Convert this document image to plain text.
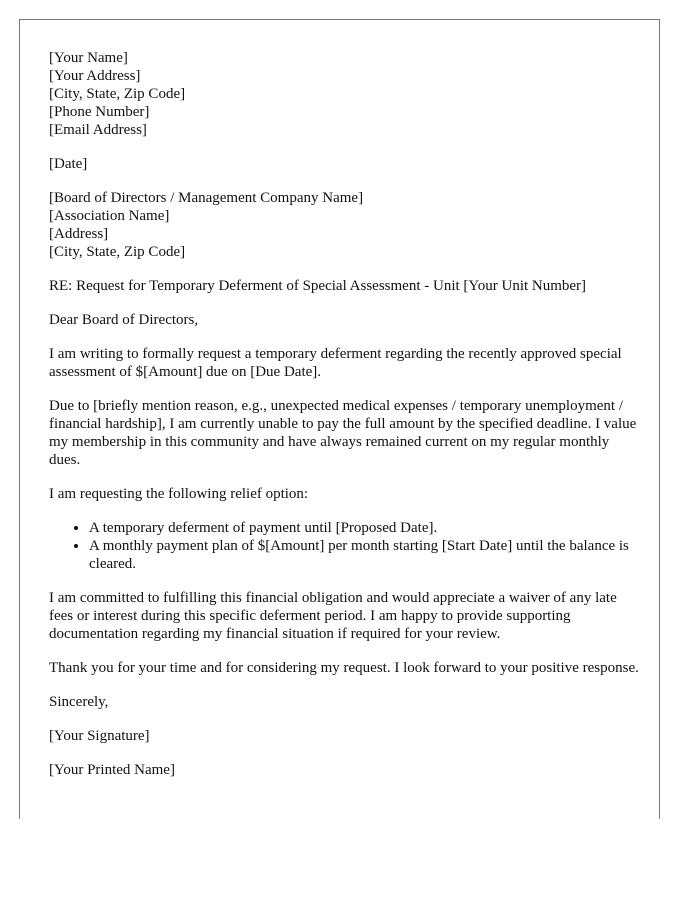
[Your Name]
[Your Address]
[City, State, Zip Code]
[Phone Number]
[Email Address]

[Date]

[Board of Directors / Management Company Name]
[Association Name]
[Address]
[City, State, Zip Code]

RE: Request for Temporary Deferment of Special Assessment - Unit [Your Unit Number]

Dear Board of Directors,

I am writing to formally request a temporary deferment regarding the recently approved special assessment of $[Amount] due on [Due Date].

Due to [briefly mention reason, e.g., unexpected medical expenses / temporary unemployment / financial hardship], I am currently unable to pay the full amount by the specified deadline. I value my membership in this community and have always remained current on my regular monthly dues.

I am requesting the following relief option:

• A temporary deferment of payment until [Proposed Date].
• A monthly payment plan of $[Amount] per month starting [Start Date] until the balance is cleared.

I am committed to fulfilling this financial obligation and would appreciate a waiver of any late fees or interest during this specific deferment period. I am happy to provide supporting documentation regarding my financial situation if required for your review.

Thank you for your time and for considering my request. I look forward to your positive response.

Sincerely,

[Your Signature]

[Your Printed Name]
